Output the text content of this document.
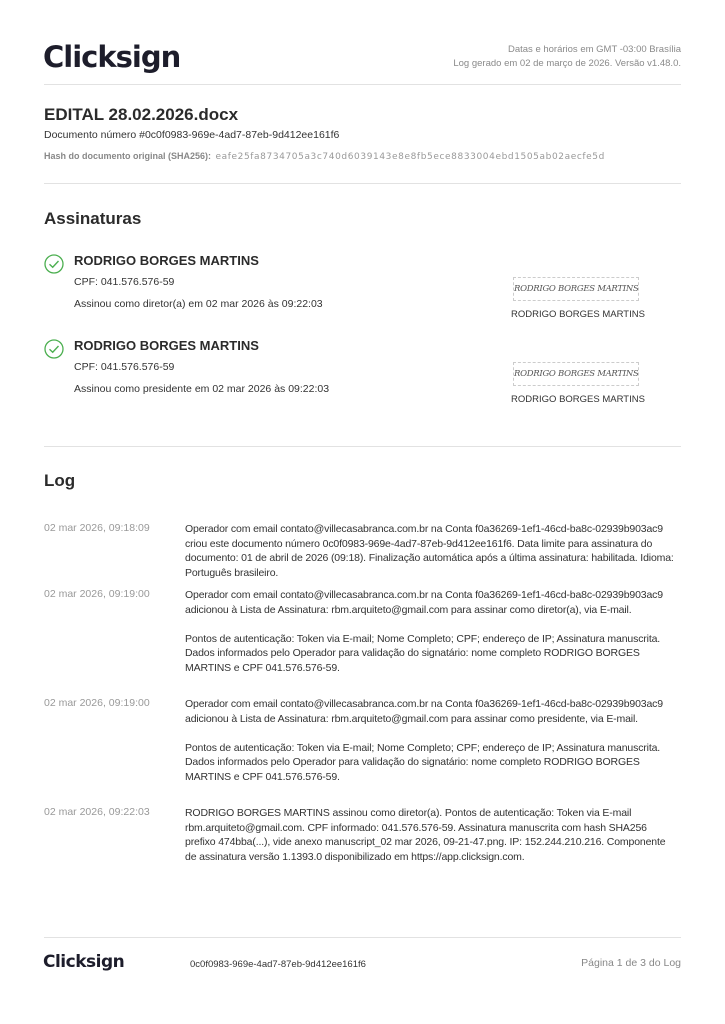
Clicksign	Datas e horários em GMT -03:00 Brasília
Log gerado em 02 de março de 2026. Versão v1.48.0.
EDITAL 28.02.2026.docx
Documento número #0c0f0983-969e-4ad7-87eb-9d412ee161f6
Hash do documento original (SHA256): eafe25fa8734705a3c740d6039143e8e8fb5ece8833004ebd1505ab02aecfe5d
Assinaturas
RODRIGO BORGES MARTINS
CPF: 041.576.576-59
Assinou como diretor(a) em 02 mar 2026 às 09:22:03
RODRIGO BORGES MARTINS
RODRIGO BORGES MARTINS
RODRIGO BORGES MARTINS
CPF: 041.576.576-59
Assinou como presidente em 02 mar 2026 às 09:22:03
RODRIGO BORGES MARTINS
RODRIGO BORGES MARTINS
Log
02 mar 2026, 09:18:09	Operador com email contato@villecasabranca.com.br na Conta f0a36269-1ef1-46cd-ba8c-02939b903ac9 criou este documento número 0c0f0983-969e-4ad7-87eb-9d412ee161f6. Data limite para assinatura do documento: 01 de abril de 2026 (09:18). Finalização automática após a última assinatura: habilitada. Idioma: Português brasileiro.

02 mar 2026, 09:19:00	Operador com email contato@villecasabranca.com.br na Conta f0a36269-1ef1-46cd-ba8c-02939b903ac9 adicionou à Lista de Assinatura: rbm.arquiteto@gmail.com para assinar como diretor(a), via E-mail.

Pontos de autenticação: Token via E-mail; Nome Completo; CPF; endereço de IP; Assinatura manuscrita. Dados informados pelo Operador para validação do signatário: nome completo RODRIGO BORGES MARTINS e CPF 041.576.576-59.

02 mar 2026, 09:19:00	Operador com email contato@villecasabranca.com.br na Conta f0a36269-1ef1-46cd-ba8c-02939b903ac9 adicionou à Lista de Assinatura: rbm.arquiteto@gmail.com para assinar como presidente, via E-mail.

Pontos de autenticação: Token via E-mail; Nome Completo; CPF; endereço de IP; Assinatura manuscrita. Dados informados pelo Operador para validação do signatário: nome completo RODRIGO BORGES MARTINS e CPF 041.576.576-59.

02 mar 2026, 09:22:03	RODRIGO BORGES MARTINS assinou como diretor(a). Pontos de autenticação: Token via E-mail rbm.arquiteto@gmail.com. CPF informado: 041.576.576-59. Assinatura manuscrita com hash SHA256 prefixo 474bba(...), vide anexo manuscript_02 mar 2026, 09-21-47.png. IP: 152.244.210.216. Componente de assinatura versão 1.1393.0 disponibilizado em https://app.clicksign.com.

Clicksign	0c0f0983-969e-4ad7-87eb-9d412ee161f6	Página 1 de 3 do Log
